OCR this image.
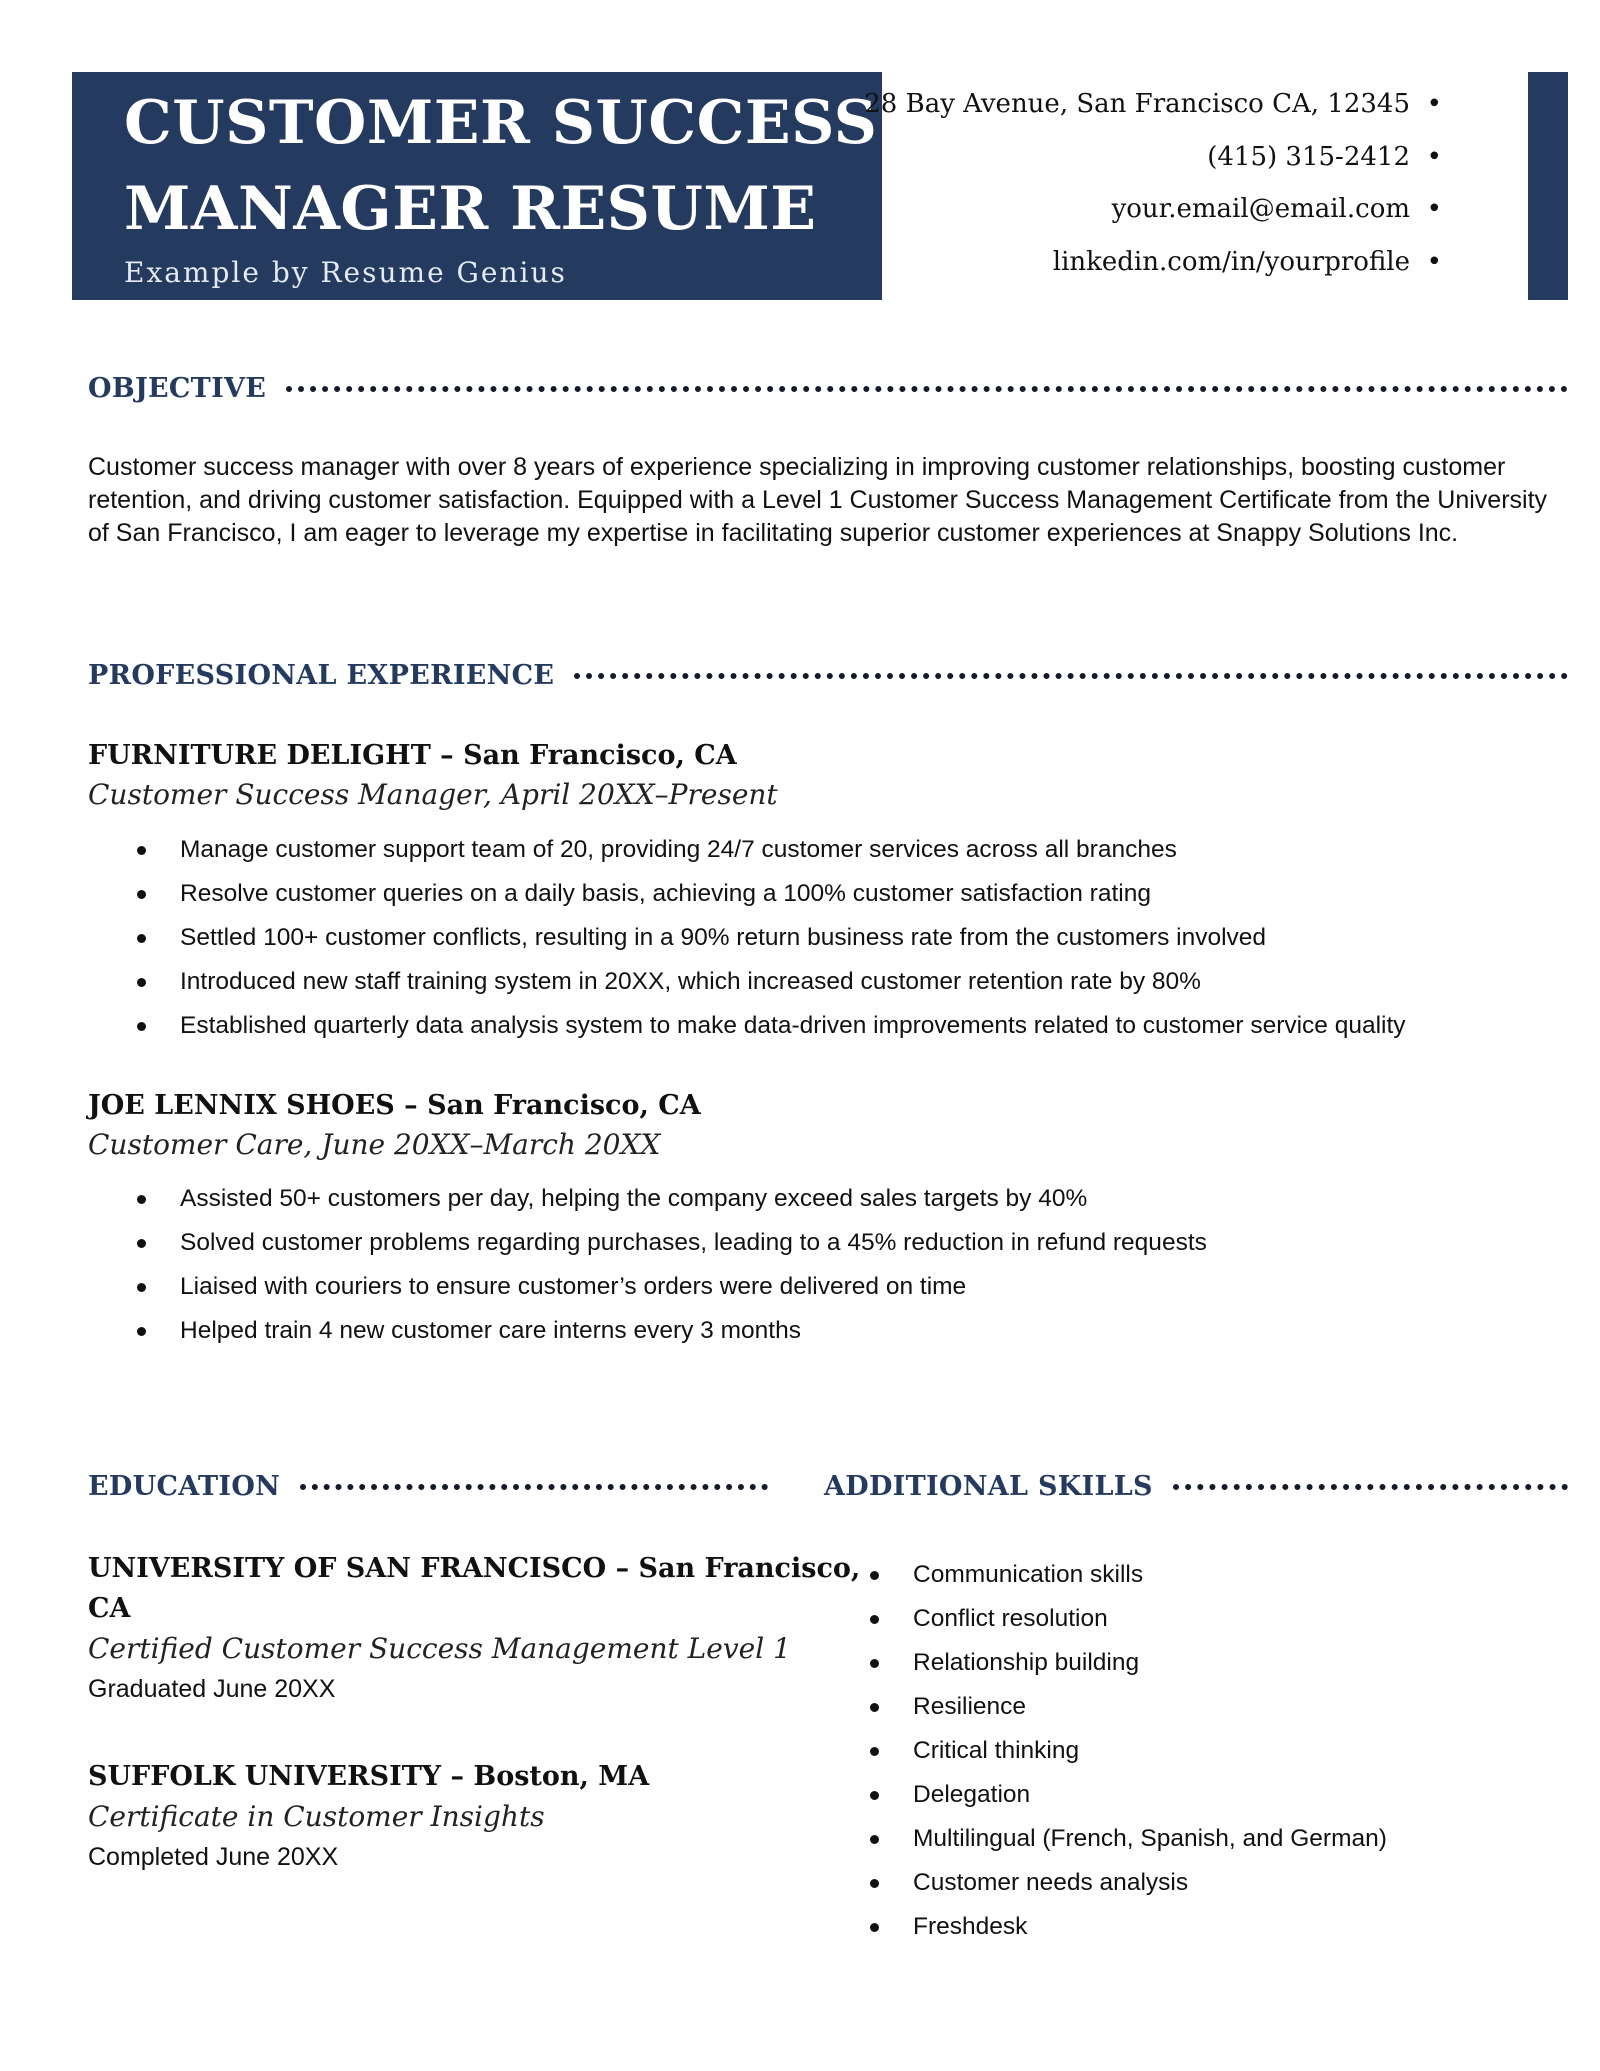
CUSTOMER SUCCESS
MANAGER RESUME
Example by Resume Genius
28 Bay Avenue, San Francisco CA, 12345 •
(415) 315-2412 •
your.email@email.com •
linkedin.com/in/yourprofile •
OBJECTIVE
Customer success manager with over 8 years of experience specializing in improving customer relationships, boosting customer retention, and driving customer satisfaction. Equipped with a Level 1 Customer Success Management Certificate from the University of San Francisco, I am eager to leverage my expertise in facilitating superior customer experiences at Snappy Solutions Inc.
PROFESSIONAL EXPERIENCE
FURNITURE DELIGHT – San Francisco, CA
Customer Success Manager, April 20XX–Present
Manage customer support team of 20, providing 24/7 customer services across all branches
Resolve customer queries on a daily basis, achieving a 100% customer satisfaction rating
Settled 100+ customer conflicts, resulting in a 90% return business rate from the customers involved
Introduced new staff training system in 20XX, which increased customer retention rate by 80%
Established quarterly data analysis system to make data-driven improvements related to customer service quality
JOE LENNIX SHOES – San Francisco, CA
Customer Care, June 20XX–March 20XX
Assisted 50+ customers per day, helping the company exceed sales targets by 40%
Solved customer problems regarding purchases, leading to a 45% reduction in refund requests
Liaised with couriers to ensure customer’s orders were delivered on time
Helped train 4 new customer care interns every 3 months
EDUCATION
UNIVERSITY OF SAN FRANCISCO – San Francisco,
CA
Certified Customer Success Management Level 1
Graduated June 20XX
SUFFOLK UNIVERSITY – Boston, MA
Certificate in Customer Insights
Completed June 20XX
ADDITIONAL SKILLS
Communication skills
Conflict resolution
Relationship building
Resilience
Critical thinking
Delegation
Multilingual (French, Spanish, and German)
Customer needs analysis
Freshdesk
